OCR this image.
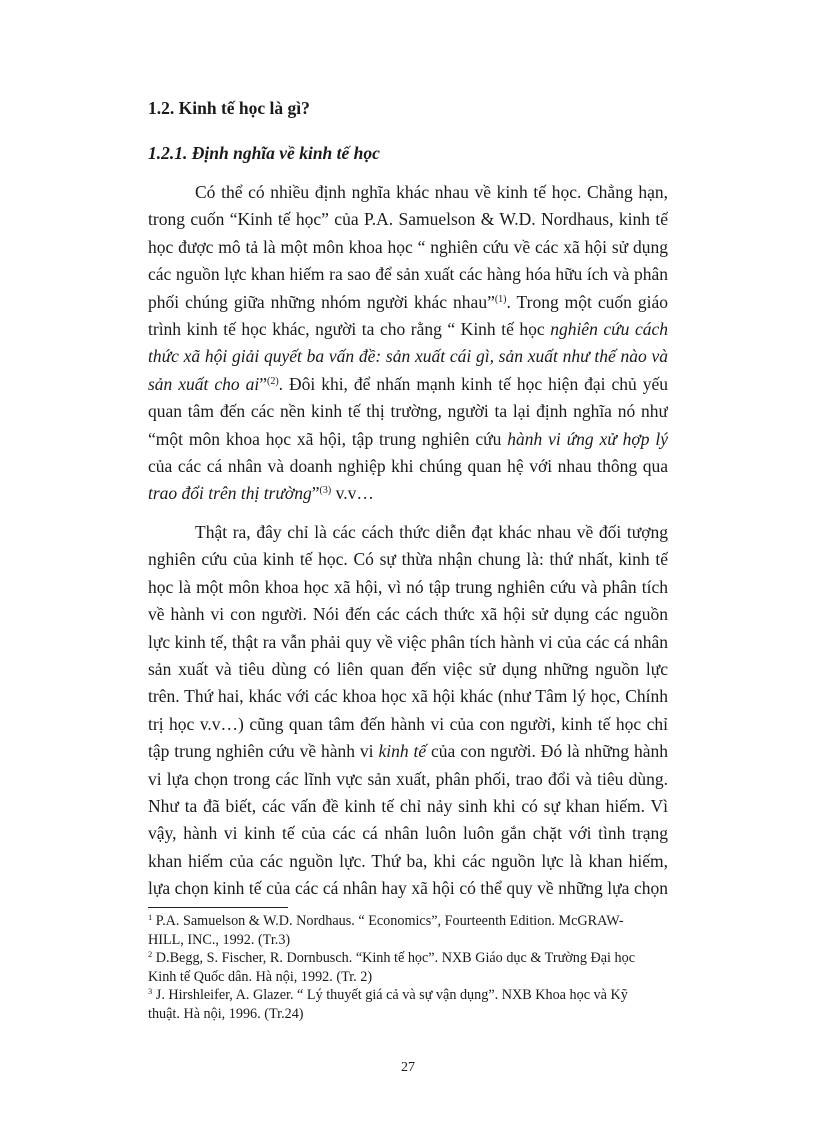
1.2. Kinh tế học là gì?
1.2.1. Định nghĩa về kinh tế học
Có thể có nhiều định nghĩa khác nhau về kinh tế học. Chẳng hạn,
trong cuốn “Kinh tế học” của P.A. Samuelson & W.D. Nordhaus, kinh tế
học được mô tả là một môn khoa học “ nghiên cứu về các xã hội sử dụng
các nguồn lực khan hiếm ra sao để sản xuất các hàng hóa hữu ích và phân
phối chúng giữa những nhóm người khác nhau”$^{(1)}$. Trong một cuốn giáo
trình kinh tế học khác, người ta cho rằng “ Kinh tế học nghiên cứu cách
thức xã hội giải quyết ba vấn đề: sản xuất cái gì, sản xuất như thế nào và
sản xuất cho ai”$^{(2)}$. Đôi khi, để nhấn mạnh kinh tế học hiện đại chủ yếu
quan tâm đến các nền kinh tế thị trường, người ta lại định nghĩa nó như
“một môn khoa học xã hội, tập trung nghiên cứu hành vi ứng xử hợp lý
của các cá nhân và doanh nghiệp khi chúng quan hệ với nhau thông qua
trao đổi trên thị trường”$^{(3)}$ v.v…
Thật ra, đây chỉ là các cách thức diễn đạt khác nhau về đối tượng
nghiên cứu của kinh tế học. Có sự thừa nhận chung là: thứ nhất, kinh tế
học là một môn khoa học xã hội, vì nó tập trung nghiên cứu và phân tích
về hành vi con người. Nói đến các cách thức xã hội sử dụng các nguồn
lực kinh tế, thật ra vẫn phải quy về việc phân tích hành vi của các cá nhân
sản xuất và tiêu dùng có liên quan đến việc sử dụng những nguồn lực
trên. Thứ hai, khác với các khoa học xã hội khác (như Tâm lý học, Chính
trị học v.v…) cũng quan tâm đến hành vi của con người, kinh tế học chỉ
tập trung nghiên cứu về hành vi kinh tế của con người. Đó là những hành
vi lựa chọn trong các lĩnh vực sản xuất, phân phối, trao đổi và tiêu dùng.
Như ta đã biết, các vấn đề kinh tế chỉ nảy sinh khi có sự khan hiếm. Vì
vậy, hành vi kinh tế của các cá nhân luôn luôn gắn chặt với tình trạng
khan hiếm của các nguồn lực. Thứ ba, khi các nguồn lực là khan hiếm,
lựa chọn kinh tế của các cá nhân hay xã hội có thể quy về những lựa chọn

$^1$ P.A. Samuelson & W.D. Nordhaus. “ Economics”, Fourteenth Edition. McGRAW-
HILL, INC., 1992. (Tr.3)

$^2$ D.Begg, S. Fischer, R. Dornbusch. “Kinh tế học”. NXB Giáo dục & Trường Đại học
Kinh tế Quốc dân. Hà nội, 1992. (Tr. 2)

$^3$ J. Hirshleifer, A. Glazer. “ Lý thuyết giá cả và sự vận dụng”. NXB Khoa học và Kỹ
thuật. Hà nội, 1996. (Tr.24)

27
